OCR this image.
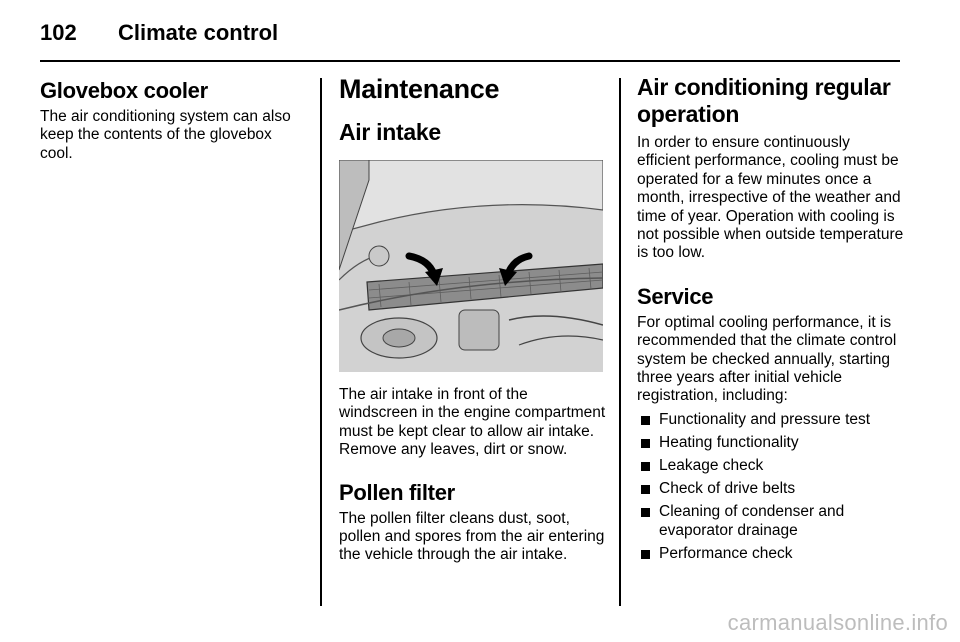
102 Climate control
Glovebox cooler

The air conditioning system can also keep the contents of the glovebox cool.

Maintenance
Air intake

The air intake in front of the windscreen in the engine compartment must be kept clear to allow air intake. Remove any leaves, dirt or snow.

Pollen filter

The pollen filter cleans dust, soot, pollen and spores from the air entering the vehicle through the air intake.

Air conditioning regular operation

In order to ensure continuously efficient performance, cooling must be operated for a few minutes once a month, irrespective of the weather and time of year. Operation with cooling is not possible when outside temperature is too low.

Service

For optimal cooling performance, it is recommended that the climate control system be checked annually, starting three years after initial vehicle registration, including:

Functionality and pressure test
Heating functionality
Leakage check
Check of drive belts
Cleaning of condenser and evaporator drainage
Performance check
carmanualsonline.info
